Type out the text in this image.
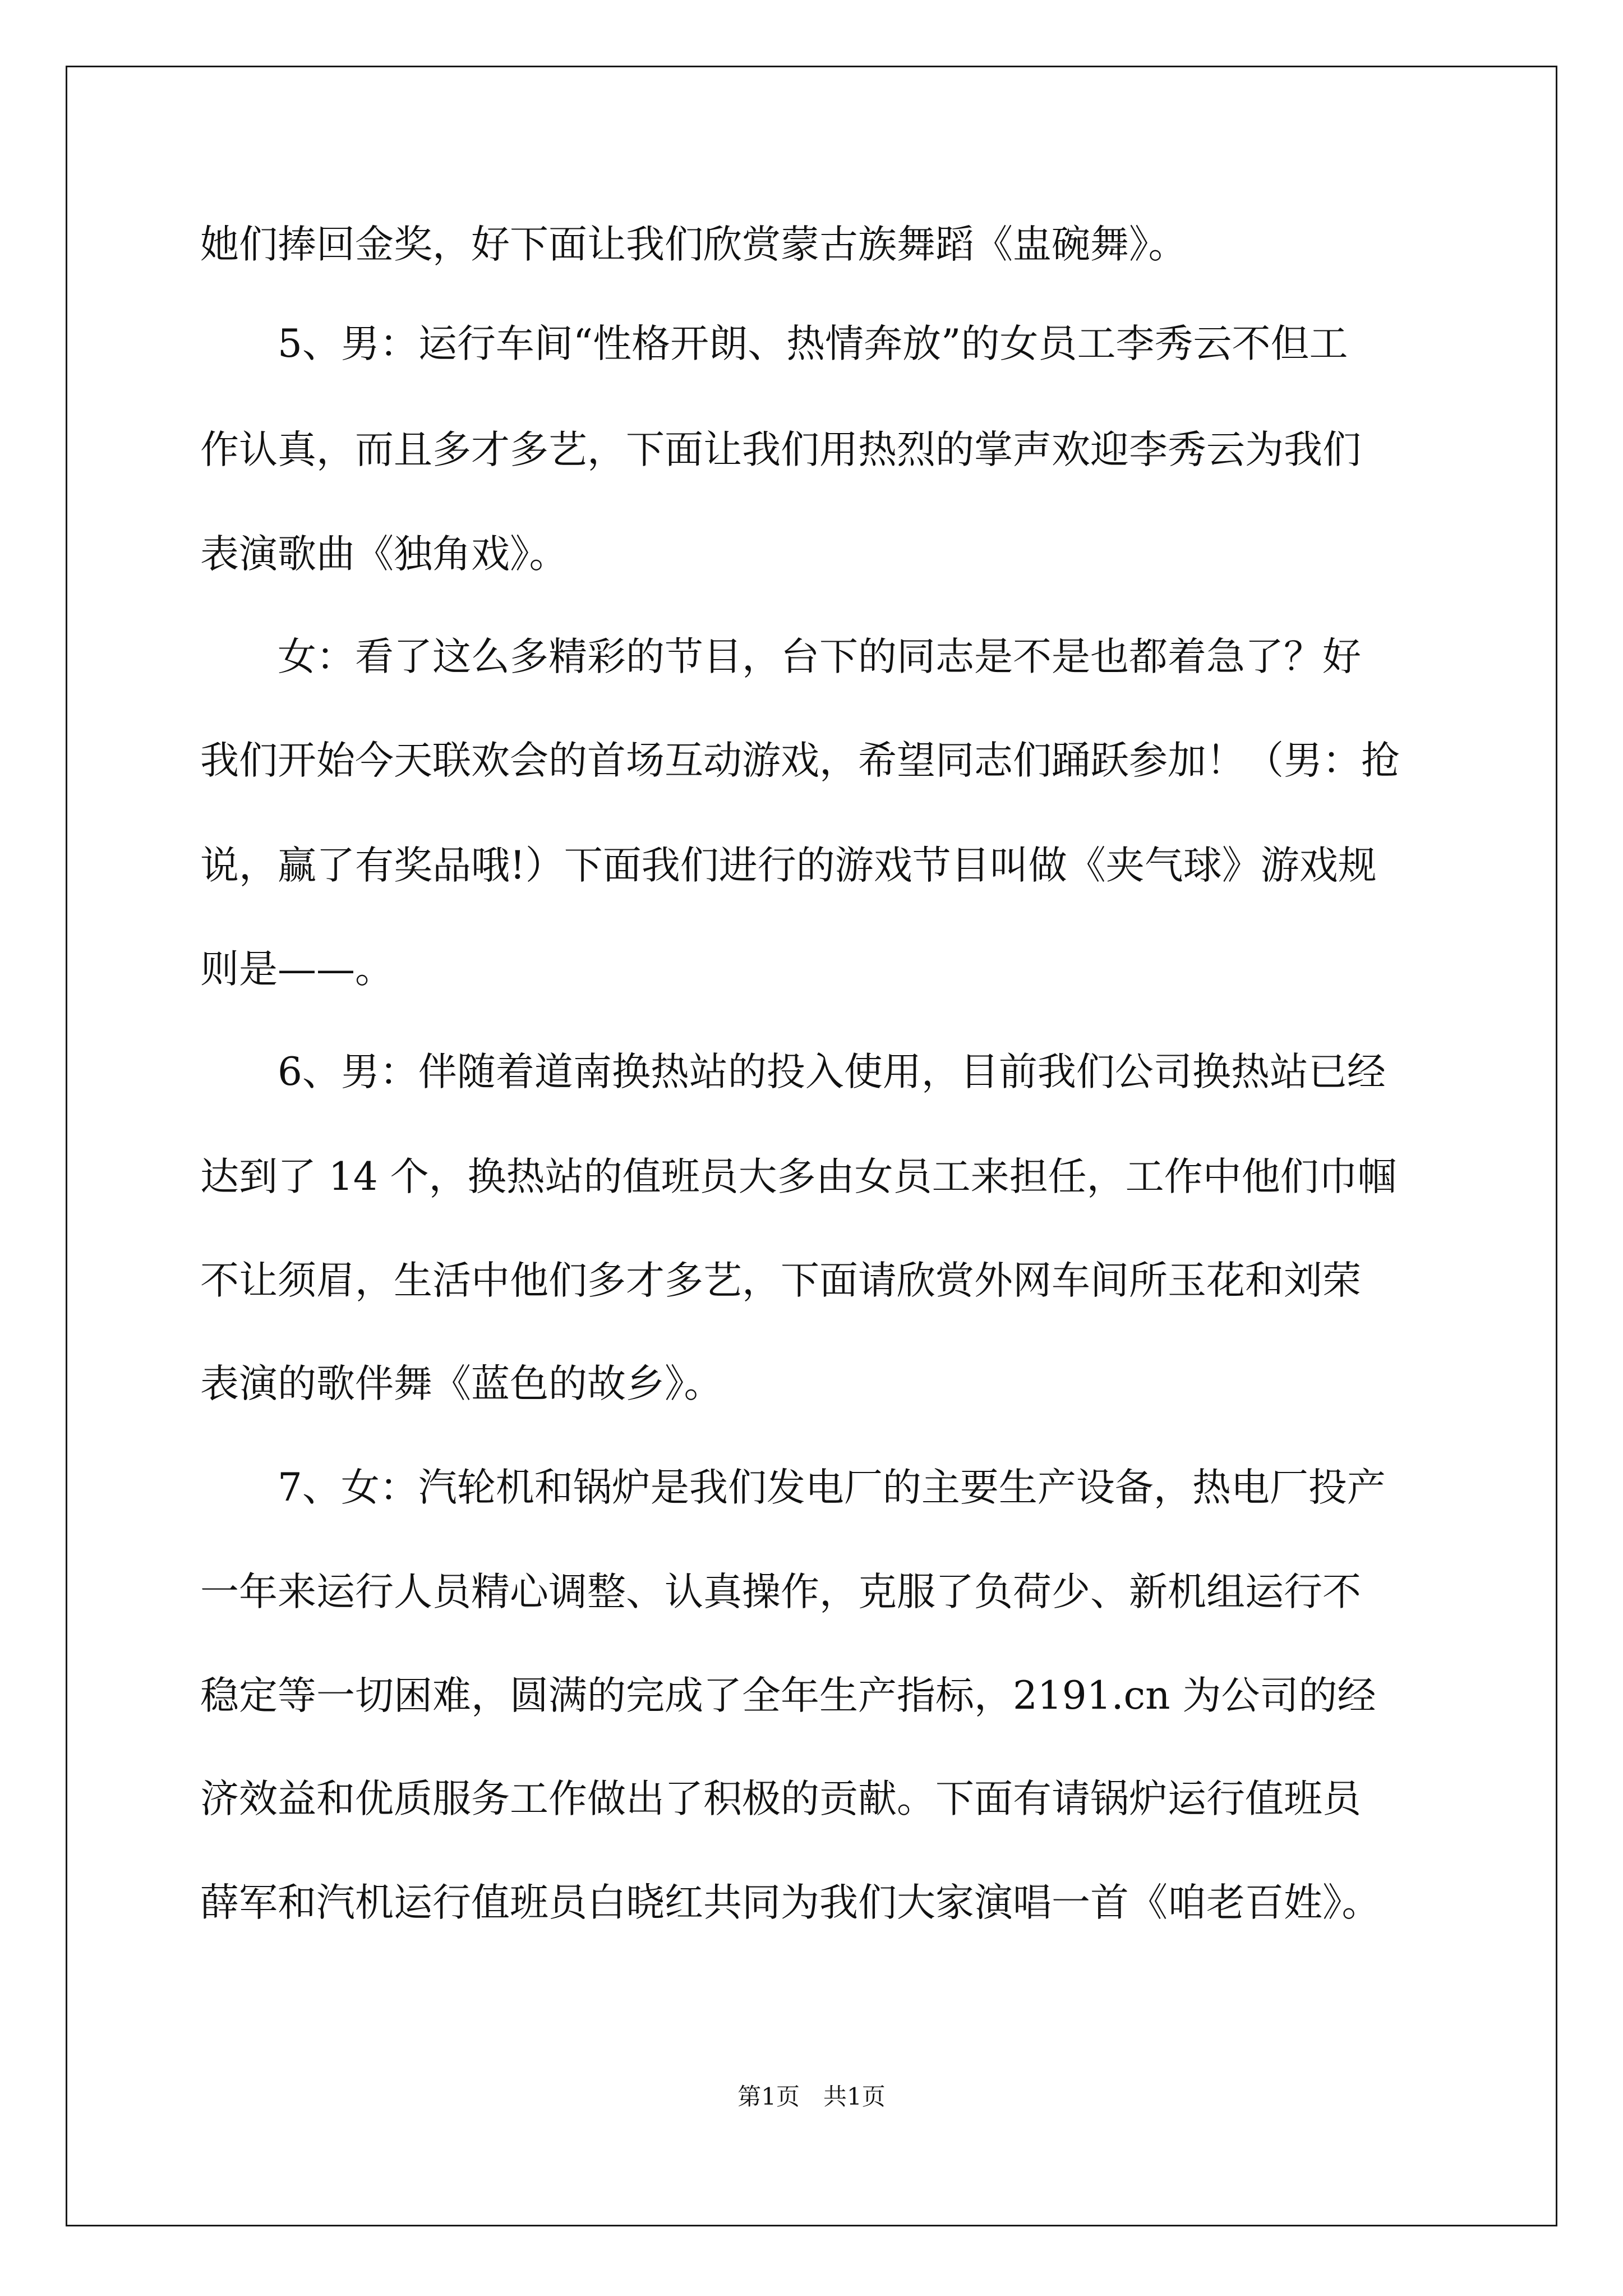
她们捧回金奖，好下面让我们欣赏蒙古族舞蹈《盅碗舞》。

5、男：运行车间“性格开朗、热情奔放”的女员工李秀云不但工

作认真，而且多才多艺，下面让我们用热烈的掌声欢迎李秀云为我们

表演歌曲《独角戏》。

女：看了这么多精彩的节目，台下的同志是不是也都着急了？好

我们开始今天联欢会的首场互动游戏，希望同志们踊跃参加！（男：抢

说，赢了有奖品哦!）下面我们进行的游戏节目叫做《夹气球》游戏规

则是——。

6、男：伴随着道南换热站的投入使用，目前我们公司换热站已经

达到了 14 个，换热站的值班员大多由女员工来担任，工作中他们巾帼

不让须眉，生活中他们多才多艺，下面请欣赏外网车间所玉花和刘荣

表演的歌伴舞《蓝色的故乡》。

7、女：汽轮机和锅炉是我们发电厂的主要生产设备，热电厂投产

一年来运行人员精心调整、认真操作，克服了负荷少、新机组运行不

稳定等一切困难，圆满的完成了全年生产指标，2191.cn 为公司的经

济效益和优质服务工作做出了积极的贡献。下面有请锅炉运行值班员

薛军和汽机运行值班员白晓红共同为我们大家演唱一首《咱老百姓》。

第1页　共1页
